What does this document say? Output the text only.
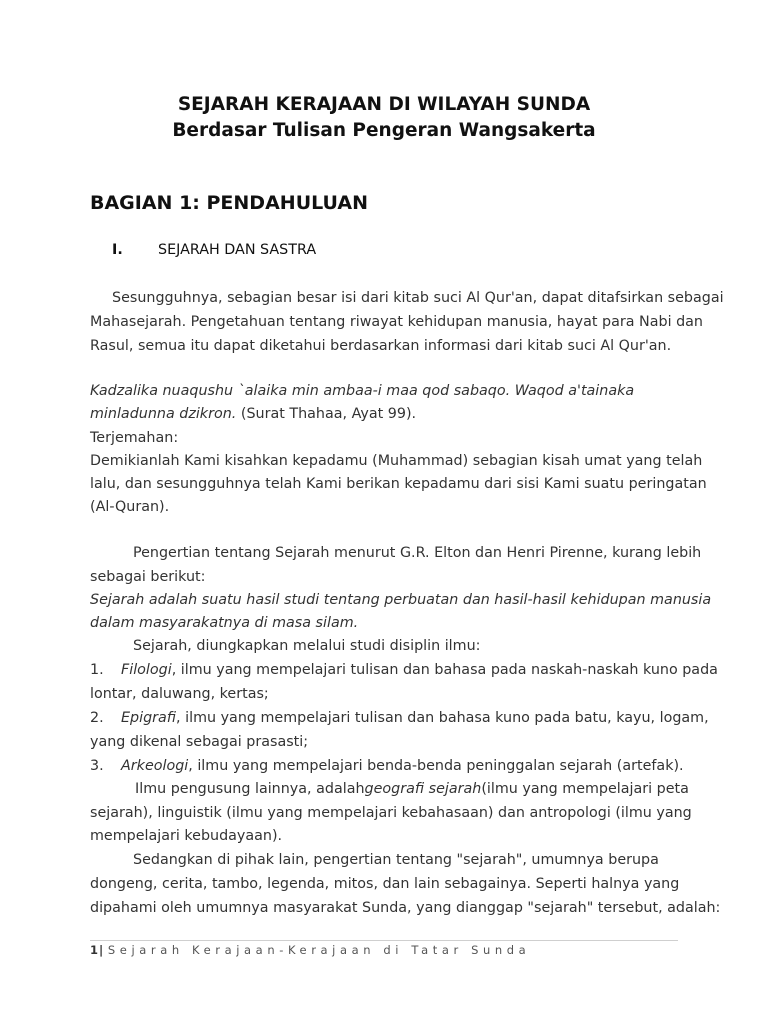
SEJARAH KERAJAAN DI WILAYAH SUNDA
Berdasar Tulisan Pengeran Wangsakerta
BAGIAN 1: PENDAHULUAN
I. SEJARAH DAN SASTRA
Sesungguhnya, sebagian besar isi dari kitab suci Al Qur'an, dapat ditafsirkan sebagai
Mahasejarah. Pengetahuan tentang riwayat kehidupan manusia, hayat para Nabi dan
Rasul, semua itu dapat diketahui berdasarkan informasi dari kitab suci Al Qur'an.
Kadzalika nuaqushu `alaika min ambaa-i maa qod sabaqo. Waqod a'tainaka
minladunna dzikron. (Surat Thahaa, Ayat 99).
Terjemahan:
Demikianlah Kami kisahkan kepadamu (Muhammad) sebagian kisah umat yang telah
lalu, dan sesungguhnya telah Kami berikan kepadamu dari sisi Kami suatu peringatan
(Al-Quran).
Pengertian tentang Sejarah menurut G.R. Elton dan Henri Pirenne, kurang lebih
sebagai berikut:
Sejarah adalah suatu hasil studi tentang perbuatan dan hasil-hasil kehidupan manusia
dalam masyarakatnya di masa silam.
Sejarah, diungkapkan melalui studi disiplin ilmu:
1. Filologi, ilmu yang mempelajari tulisan dan bahasa pada naskah-naskah kuno pada
lontar, daluwang, kertas;
2. Epigrafi, ilmu yang mempelajari tulisan dan bahasa kuno pada batu, kayu, logam,
yang dikenal sebagai prasasti;
3. Arkeologi, ilmu yang mempelajari benda-benda peninggalan sejarah (artefak).
Ilmu pengusung lainnya, adalah geografi sejarah (ilmu yang mempelajari peta
sejarah), linguistik (ilmu yang mempelajari kebahasaan) dan antropologi (ilmu yang
mempelajari kebudayaan).
Sedangkan di pihak lain, pengertian tentang "sejarah", umumnya berupa
dongeng, cerita, tambo, legenda, mitos, dan lain sebagainya. Seperti halnya yang
dipahami oleh umumnya masyarakat Sunda, yang dianggap "sejarah" tersebut, adalah:
1| Sejarah Kerajaan-Kerajaan di Tatar Sunda
